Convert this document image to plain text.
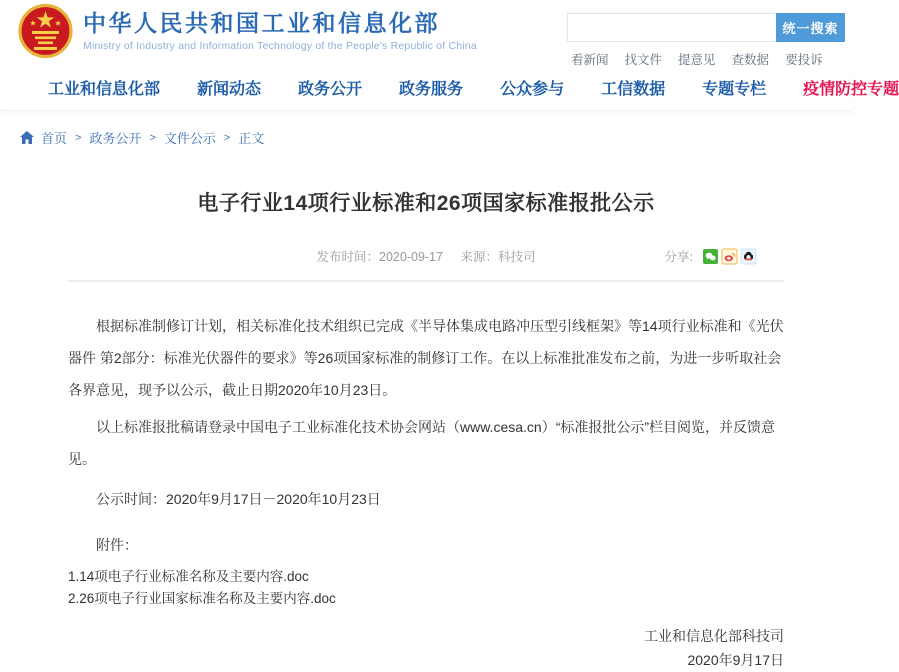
中华人民共和国工业和信息化部
Ministry of Industry and Information Technology of the People's Republic of China
统一搜索
看新闻 找文件 提意见 查数据 要投诉
工业和信息化部 新闻动态 政务公开 政务服务 公众参与 工信数据 专题专栏 疫情防控专题
首页 > 政务公开 > 文件公示 > 正文
电子行业14项行业标准和26项国家标准报批公示
发布时间：2020-09-17 来源：科技司	分享:

根据标准制修订计划，相关标准化技术组织已完成《半导体集成电路冲压型引线框架》等14项行业标准和《光伏器件 第2部分：标准光伏器件的要求》等26项国家标准的制修订工作。在以上标准批准发布之前，为进一步听取社会各界意见，现予以公示，截止日期2020年10月23日。

以上标准报批稿请登录中国电子工业标准化技术协会网站（www.cesa.cn）“标准报批公示”栏目阅览，并反馈意见。

公示时间：2020年9月17日－2020年10月23日

附件：

1.14项电子行业标准名称及主要内容.doc
2.26项电子行业国家标准名称及主要内容.doc
工业和信息化部科技司
2020年9月17日
